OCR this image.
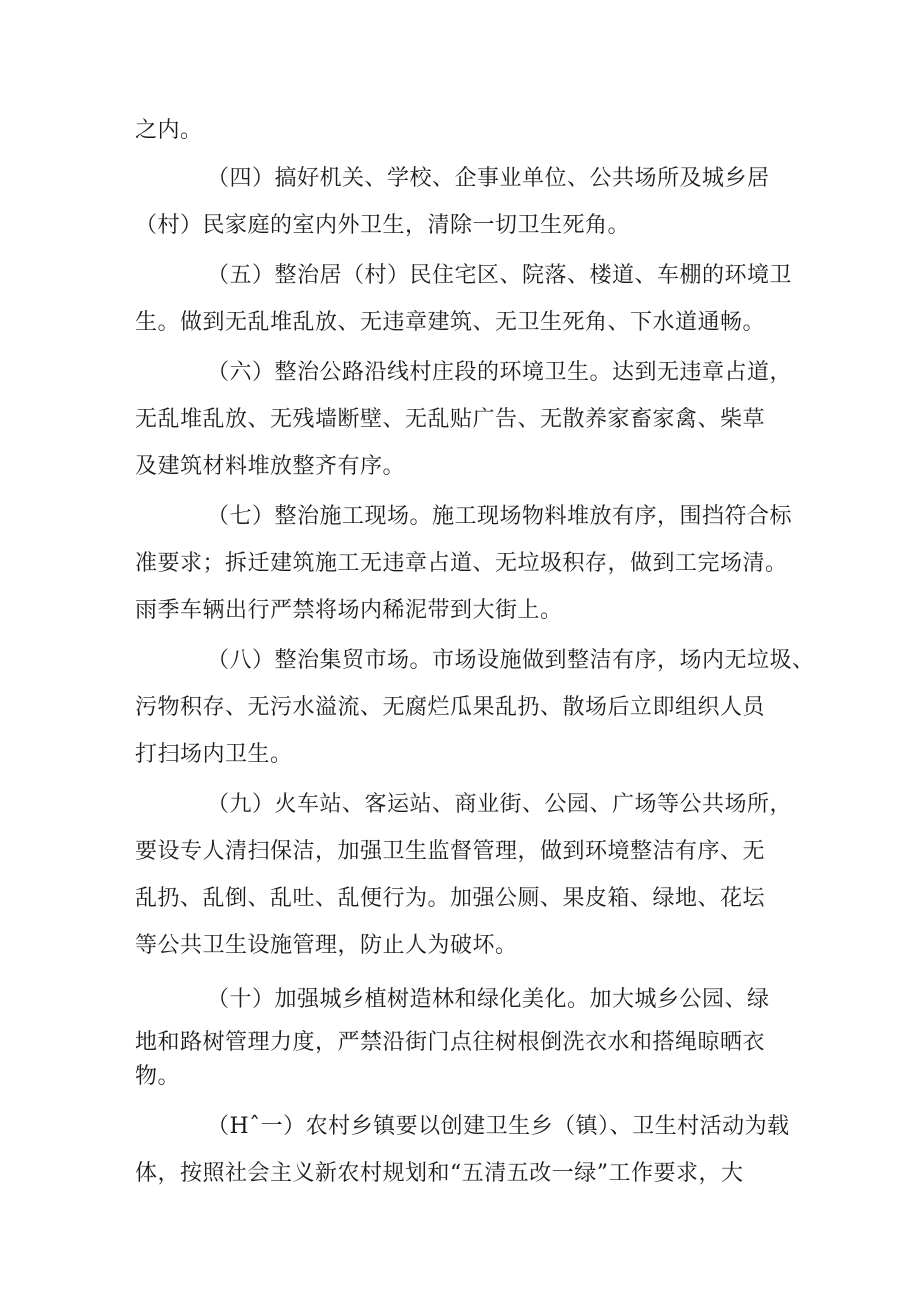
之内。
（四）搞好机关、学校、企事业单位、公共场所及城乡居
（村）民家庭的室内外卫生，清除一切卫生死角。
（五）整治居（村）民住宅区、院落、楼道、车棚的环境卫
生。做到无乱堆乱放、无违章建筑、无卫生死角、下水道通畅。
（六）整治公路沿线村庄段的环境卫生。达到无违章占道，
无乱堆乱放、无残墙断壁、无乱贴广告、无散养家畜家禽、柴草
及建筑材料堆放整齐有序。
（七）整治施工现场。施工现场物料堆放有序，围挡符合标
准要求；拆迁建筑施工无违章占道、无垃圾积存，做到工完场清。
雨季车辆出行严禁将场内稀泥带到大街上。
（八）整治集贸市场。市场设施做到整洁有序，场内无垃圾、
污物积存、无污水溢流、无腐烂瓜果乱扔、散场后立即组织人员
打扫场内卫生。
（九）火车站、客运站、商业街、公园、广场等公共场所，
要设专人清扫保洁，加强卫生监督管理，做到环境整洁有序、无
乱扔、乱倒、乱吐、乱便行为。加强公厕、果皮箱、绿地、花坛
等公共卫生设施管理，防止人为破坏。
（十）加强城乡植树造林和绿化美化。加大城乡公园、绿
地和路树管理力度，严禁沿街门点往树根倒洗衣水和搭绳晾晒衣
物。
（Hˆ一）农村乡镇要以创建卫生乡（镇）、卫生村活动为载
体，按照社会主义新农村规划和“五清五改一绿”工作要求，大
